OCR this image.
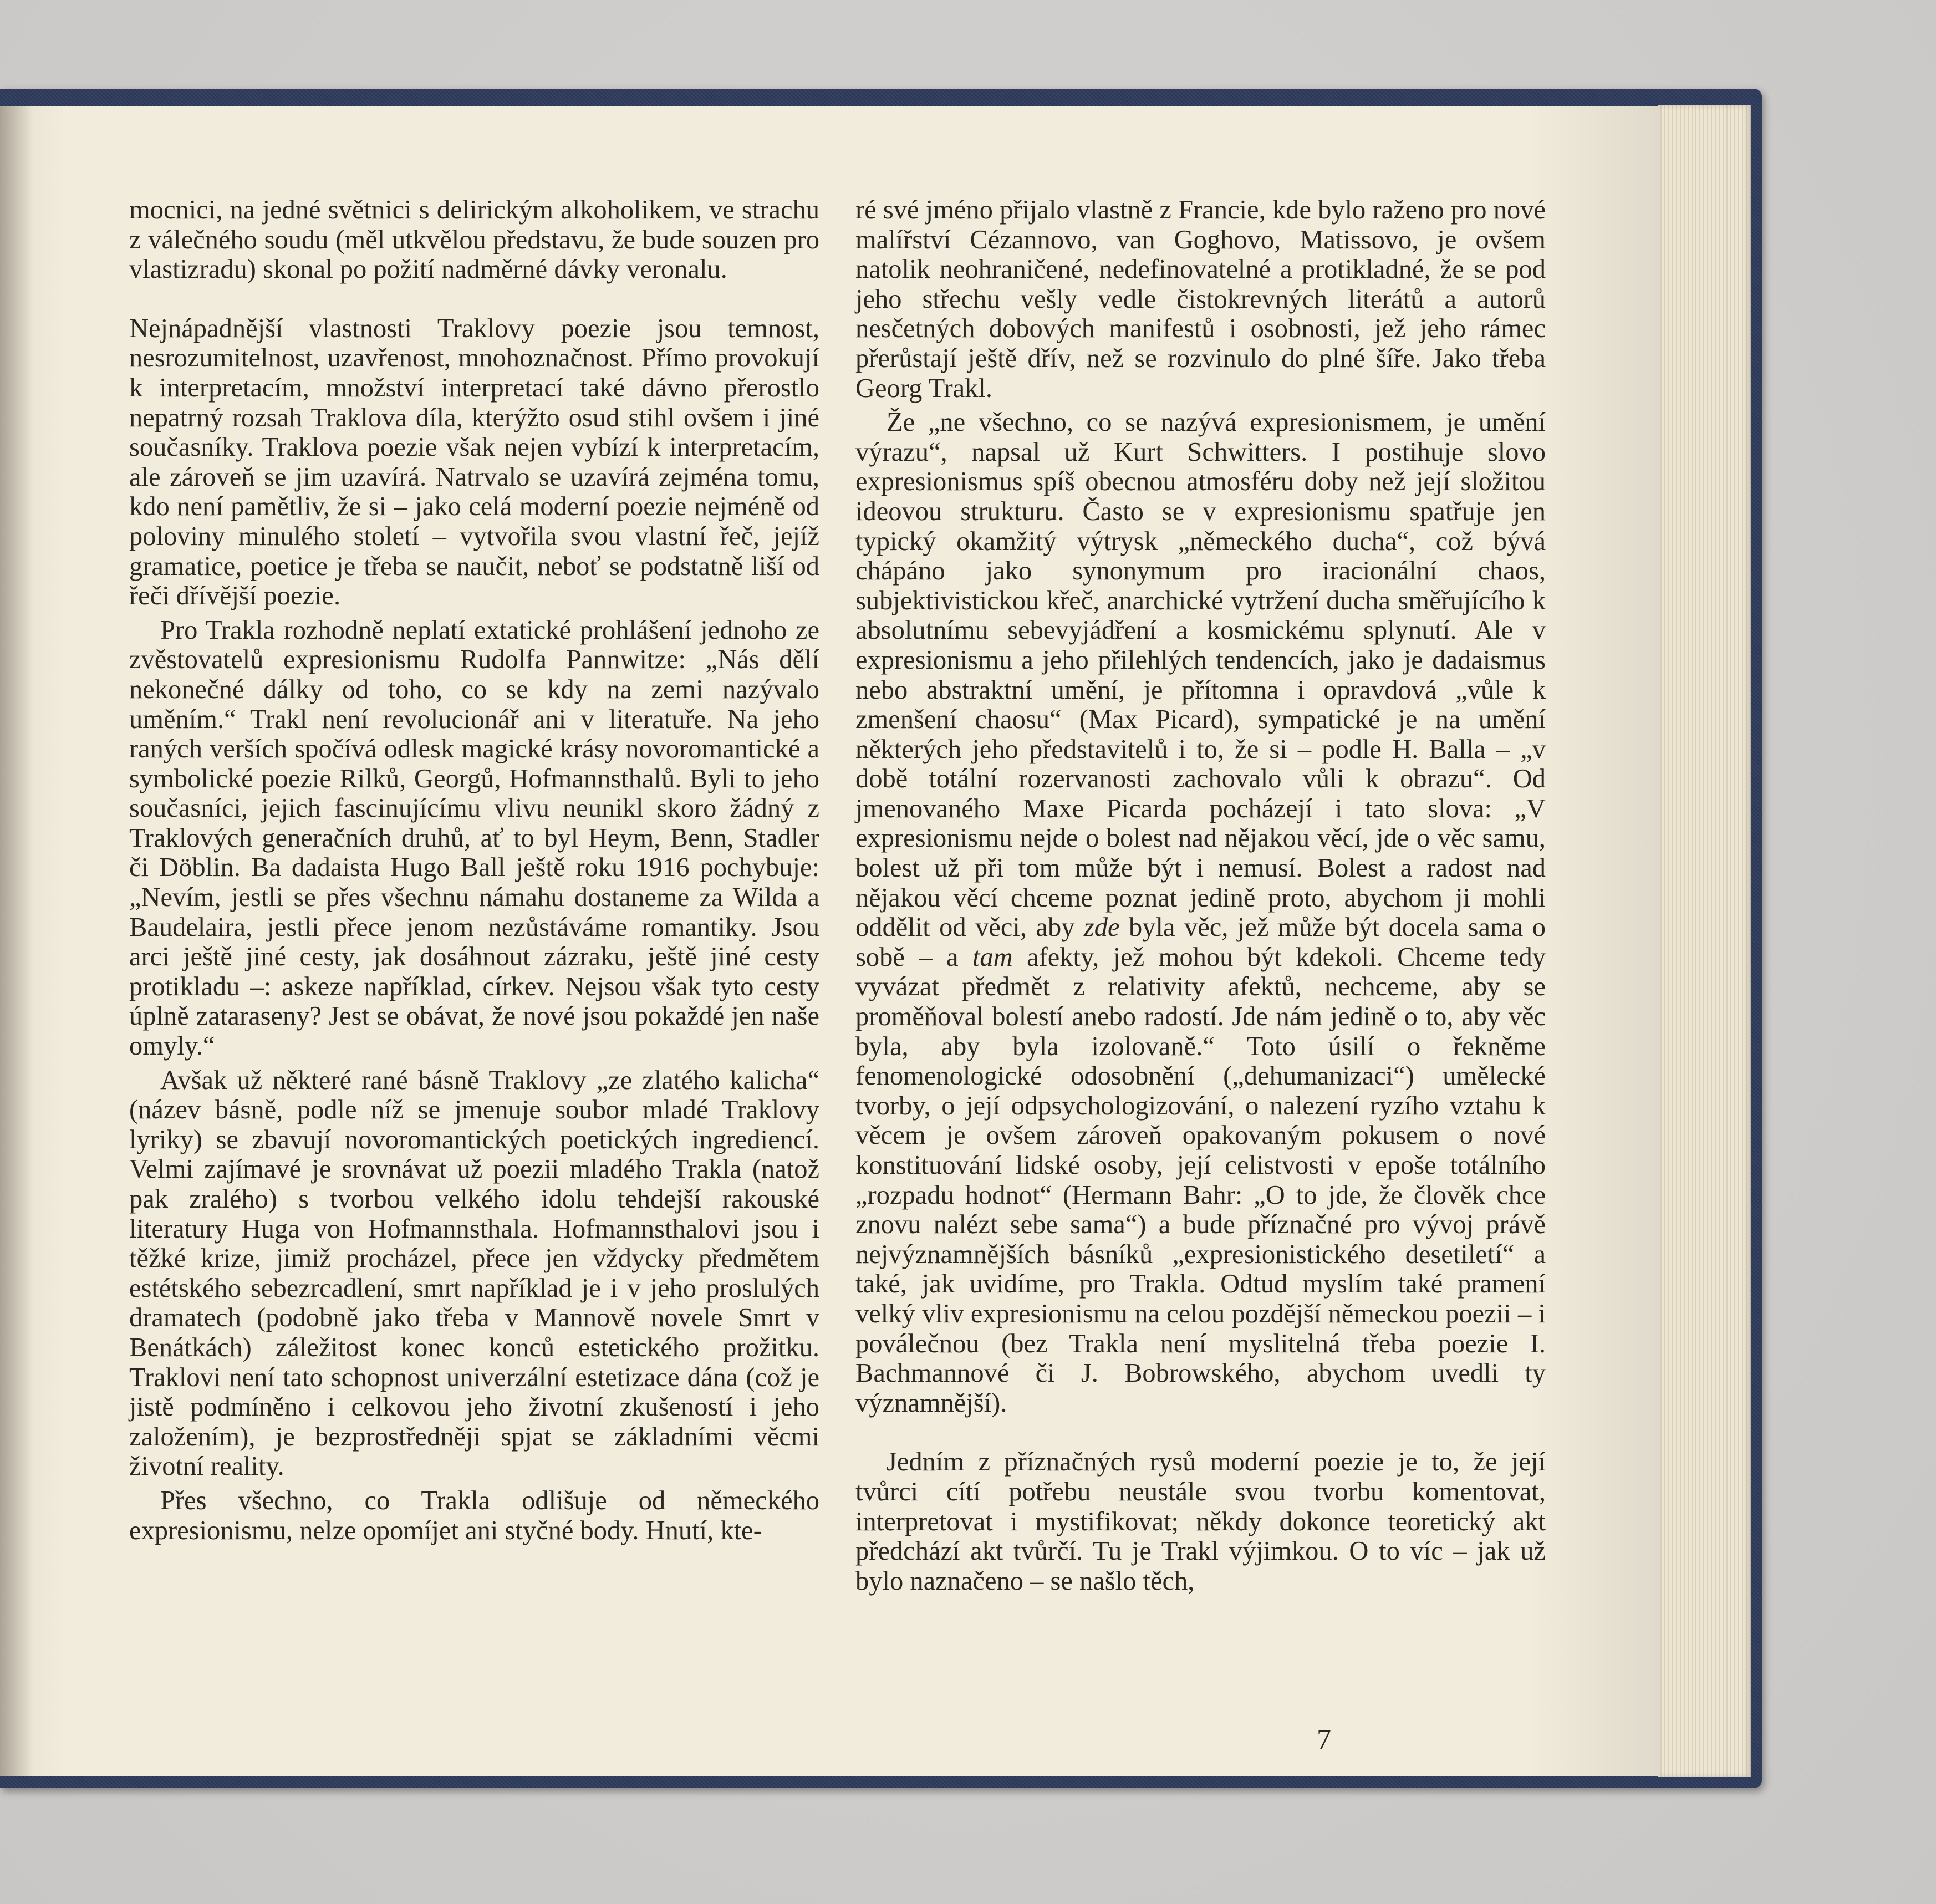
mocnici, na jedné světnici s delirickým alkoholikem, ve strachu z válečného soudu (měl utkvělou představu, že bude souzen pro vlastizradu) skonal po požití nadměrné dávky veronalu.

Nejnápadnější vlastnosti Traklovy poezie jsou temnost, nesrozumitelnost, uzavřenost, mnohoznačnost. Přímo provokují k interpretacím, množství interpretací také dávno přerostlo nepatrný rozsah Traklova díla, kterýžto osud stihl ovšem i jiné současníky. Traklova poezie však nejen vybízí k interpretacím, ale zároveň se jim uzavírá. Natrvalo se uzavírá zejména tomu, kdo není pamětliv, že si – jako celá moderní poezie nejméně od poloviny minulého století – vytvořila svou vlastní řeč, jejíž gramatice, poetice je třeba se naučit, neboť se podstatně liší od řeči dřívější poezie.

Pro Trakla rozhodně neplatí extatické prohlášení jednoho ze zvěstovatelů expresionismu Rudolfa Pannwitze: „Nás dělí nekonečné dálky od toho, co se kdy na zemi nazývalo uměním.“ Trakl není revolucionář ani v literatuře. Na jeho raných verších spočívá odlesk magické krásy novoromantické a symbolické poezie Rilků, Georgů, Hofmannsthalů. Byli to jeho současníci, jejich fascinujícímu vlivu neunikl skoro žádný z Traklových generačních druhů, ať to byl Heym, Benn, Stadler či Döblin. Ba dadaista Hugo Ball ještě roku 1916 pochybuje: „Nevím, jestli se přes všechnu námahu dostaneme za Wilda a Baudelaira, jestli přece jenom nezůstáváme romantiky. Jsou arci ještě jiné cesty, jak dosáhnout zázraku, ještě jiné cesty protikladu –: askeze například, církev. Nejsou však tyto cesty úplně zataraseny? Jest se obávat, že nové jsou pokaždé jen naše omyly.“

Avšak už některé rané básně Traklovy „ze zlatého kalicha“ (název básně, podle níž se jmenuje soubor mladé Traklovy lyriky) se zbavují novoromantických poetických ingrediencí. Velmi zajímavé je srovnávat už poezii mladého Trakla (natož pak zralého) s tvorbou velkého idolu tehdejší rakouské literatury Huga von Hofmannsthala. Hofmannsthalovi jsou i těžké krize, jimiž procházel, přece jen vždycky předmětem estétského sebezrcadlení, smrt například je i v jeho proslulých dramatech (podobně jako třeba v Mannově novele Smrt v Benátkách) záležitost konec konců estetického prožitku. Traklovi není tato schopnost univerzální estetizace dána (což je jistě podmíněno i celkovou jeho životní zkušeností i jeho založením), je bezprostředněji spjat se základními věcmi životní reality.

Přes všechno, co Trakla odlišuje od německého expresionismu, nelze opomíjet ani styčné body. Hnutí, kte-

ré své jméno přijalo vlastně z Francie, kde bylo raženo pro nové malířství Cézannovo, van Goghovo, Matissovo, je ovšem natolik neohraničené, nedefinovatelné a protikladné, že se pod jeho střechu vešly vedle čistokrevných literátů a autorů nesčetných dobových manifestů i osobnosti, jež jeho rámec přerůstají ještě dřív, než se rozvinulo do plné šíře. Jako třeba Georg Trakl.

Že „ne všechno, co se nazývá expresionismem, je umění výrazu“, napsal už Kurt Schwitters. I postihuje slovo expresionismus spíš obecnou atmosféru doby než její složitou ideovou strukturu. Často se v expresionismu spatřuje jen typický okamžitý výtrysk „německého ducha“, což bývá chápáno jako synonymum pro iracionální chaos, subjektivistickou křeč, anarchické vytržení ducha směřujícího k absolutnímu sebevyjádření a kosmickému splynutí. Ale v expresionismu a jeho přilehlých tendencích, jako je dadaismus nebo abstraktní umění, je přítomna i opravdová „vůle k zmenšení chaosu“ (Max Picard), sympatické je na umění některých jeho představitelů i to, že si – podle H. Balla – „v době totální rozervanosti zachovalo vůli k obrazu“. Od jmenovaného Maxe Picarda pocházejí i tato slova: „V expresionismu nejde o bolest nad nějakou věcí, jde o věc samu, bolest už při tom může být i nemusí. Bolest a radost nad nějakou věcí chceme poznat jedině proto, abychom ji mohli oddělit od věci, aby zde byla věc, jež může být docela sama o sobě – a tam afekty, jež mohou být kdekoli. Chceme tedy vyvázat předmět z relativity afektů, nechceme, aby se proměňoval bolestí anebo radostí. Jde nám jedině o to, aby věc byla, aby byla izolovaně.“ Toto úsilí o řekněme fenomenologické odosobnění („dehumanizaci“) umělecké tvorby, o její odpsychologizování, o nalezení ryzího vztahu k věcem je ovšem zároveň opakovaným pokusem o nové konstituování lidské osoby, její celistvosti v epoše totálního „rozpadu hodnot“ (Hermann Bahr: „O to jde, že člověk chce znovu nalézt sebe sama“) a bude příznačné pro vývoj právě nejvýznamnějších básníků „expresionistického desetiletí“ a také, jak uvidíme, pro Trakla. Odtud myslím také pramení velký vliv expresionismu na celou pozdější německou poezii – i poválečnou (bez Trakla není myslitelná třeba poezie I. Bachmannové či J. Bobrowského, abychom uvedli ty významnější).

Jedním z příznačných rysů moderní poezie je to, že její tvůrci cítí potřebu neustále svou tvorbu komentovat, interpretovat i mystifikovat; někdy dokonce teoretický akt předchází akt tvůrčí. Tu je Trakl výjimkou. O to víc – jak už bylo naznačeno – se našlo těch,

7
